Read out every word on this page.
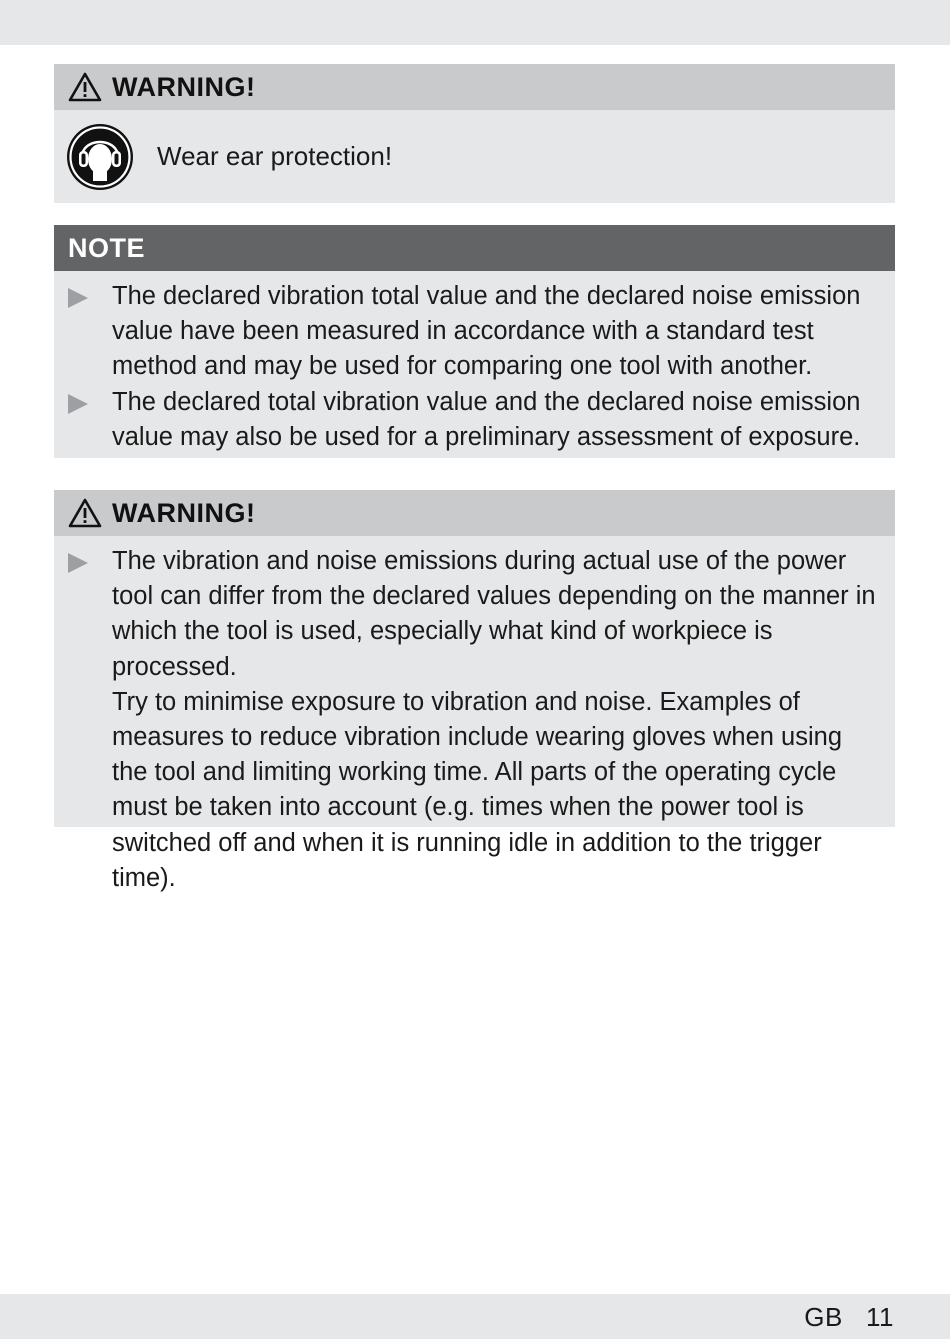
WARNING!
Wear ear protection!
NOTE
The declared vibration total value and the declared noise emission value have been measured in accordance with a standard test method and may be used for comparing one tool with another.
The declared total vibration value and the declared noise emission value may also be used for a preliminary assessment of exposure.
WARNING!
The vibration and noise emissions during actual use of the power tool can differ from the declared values depending on the manner in which the tool is used, especially what kind of workpiece is processed.
Try to minimise exposure to vibration and noise. Examples of measures to reduce vibration include wearing gloves when using the tool and limiting working time. All parts of the operating cycle must be taken into account (e.g. times when the power tool is switched off and when it is running idle in addition to the trigger time).
GB   11
